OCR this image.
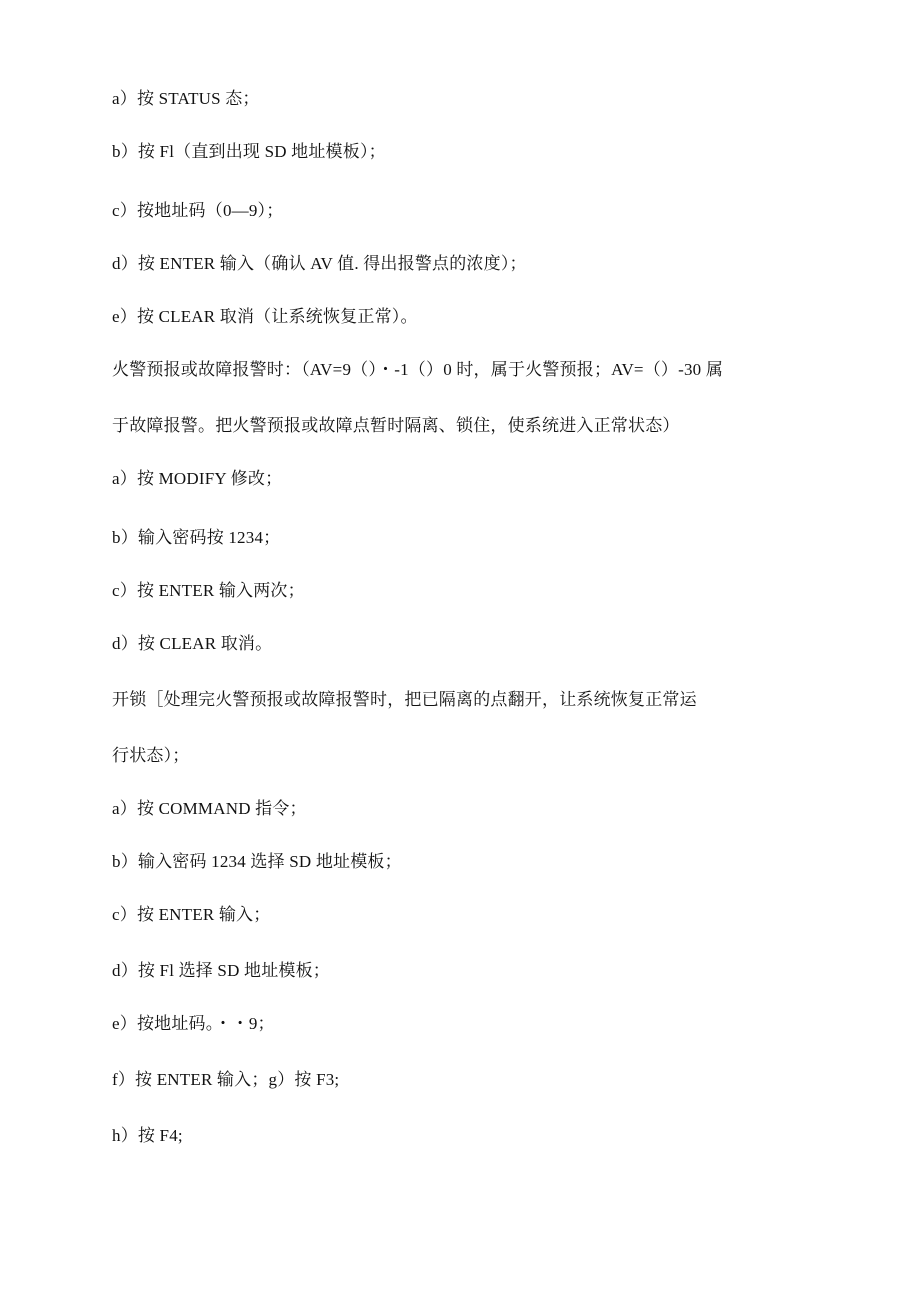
a）按 STATUS 态；
b）按 Fl（直到出现 SD 地址模板）；
c）按地址码（0—9）；
d）按 ENTER 输入（确认 AV 值. 得出报警点的浓度）；
e）按 CLEAR 取消（让系统恢复正常）。
火警预报或故障报警时：（AV=9（）・-1（）0 时，属于火警预报；AV=（）-30 属
于故障报警。把火警预报或故障点暂时隔离、锁住，使系统进入正常状态）
a）按 MODIFY 修改；
b）输入密码按 1234；
c）按 ENTER 输入两次；
d）按 CLEAR 取消。
开锁［处理完火警预报或故障报警时，把已隔离的点翻开，让系统恢复正常运
行状态）；
a）按 COMMAND 指令；
b）输入密码 1234 选择 SD 地址模板；
c）按 ENTER 输入；
d）按 Fl 选择 SD 地址模板；
e）按地址码。・・9；
f）按 ENTER 输入；g）按 F3;
h）按 F4;
